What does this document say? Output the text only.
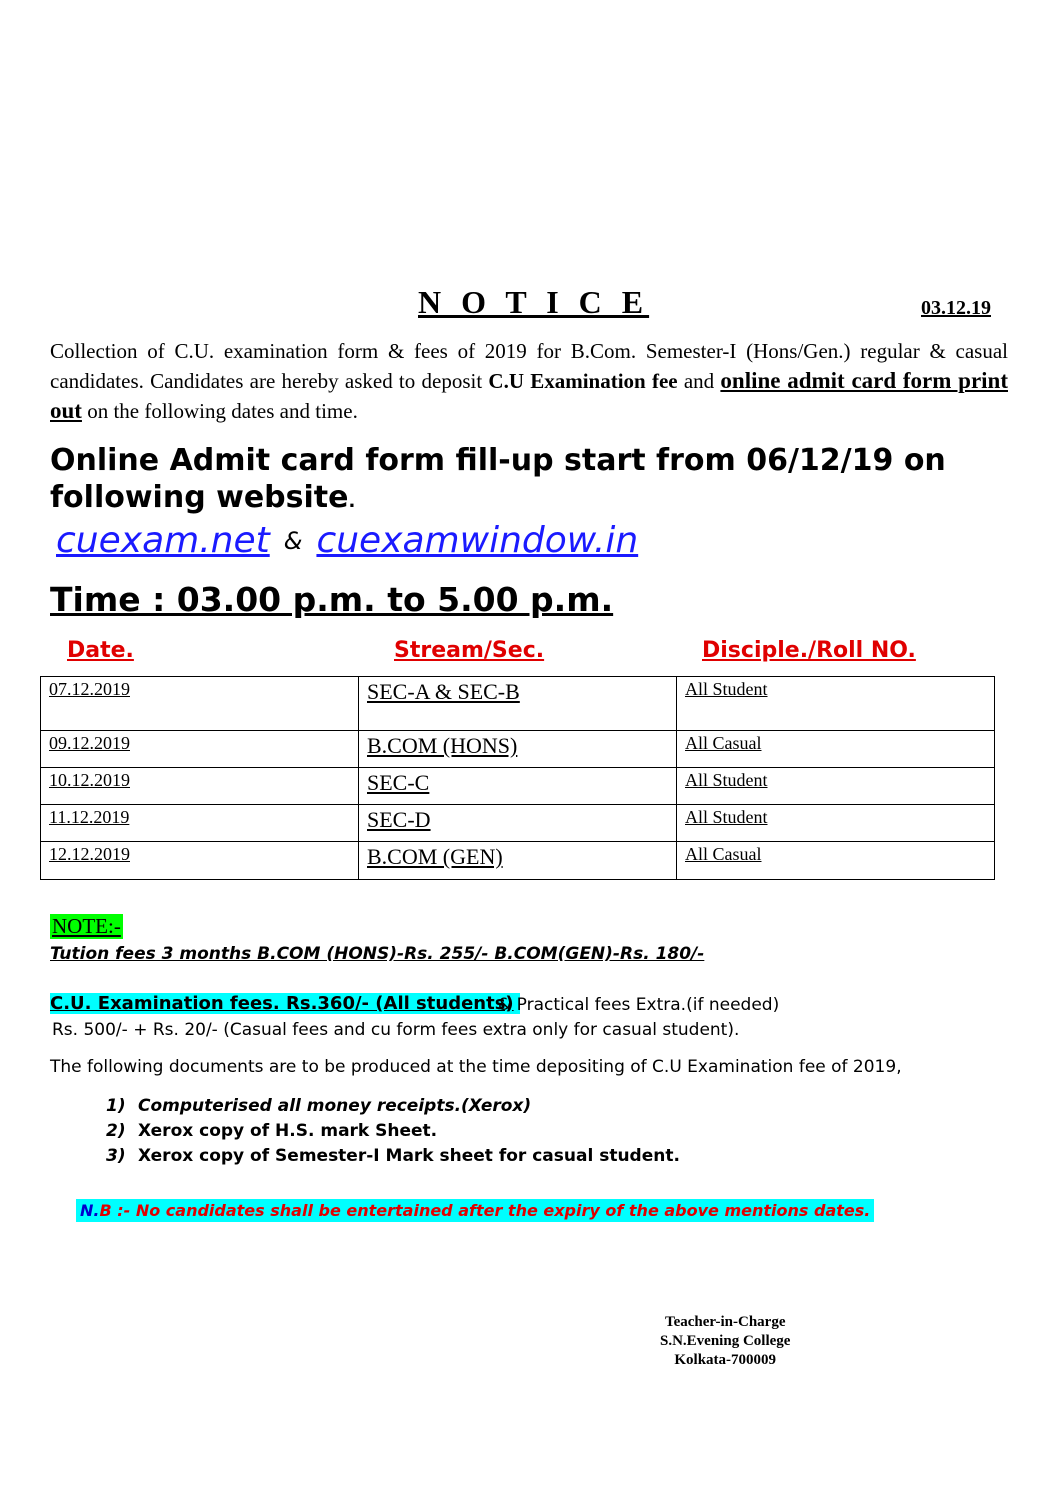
N O T I C E	03.12.19
Collection of C.U. examination form & fees of 2019 for B.Com. Semester-I (Hons/Gen.) regular & casual candidates. Candidates are hereby asked to deposit C.U Examination fee and online admit card form print out on the following dates and time.
Online Admit card form fill-up start from 06/12/19 on following website.
cuexam.net & cuexamwindow.in
Time : 03.00 p.m. to 5.00 p.m.
Date.	Stream/Sec.	Disciple./Roll NO.
07.12.2019	SEC-A & SEC-B	All Student
09.12.2019	B.COM (HONS)	All Casual
10.12.2019	SEC-C	All Student
11.12.2019	SEC-D	All Student
12.12.2019	B.COM (GEN)	All Casual
NOTE:-
Tution fees 3 months B.COM (HONS)-Rs. 255/- B.COM(GEN)-Rs. 180/-
C.U. Examination fees. Rs.360/- (All students)
& Practical fees Extra.(if needed)
Rs. 500/- + Rs. 20/- (Casual fees and cu form fees extra only for casual student).
The following documents are to be produced at the time depositing of C.U Examination fee of 2019,
1) Computerised all money receipts.(Xerox)
2) Xerox copy of H.S. mark Sheet.
3) Xerox copy of Semester-I Mark sheet for casual student.
N.B :- No candidates shall be entertained after the expiry of the above mentions dates.
Teacher-in-Charge
S.N.Evening College
Kolkata-700009
